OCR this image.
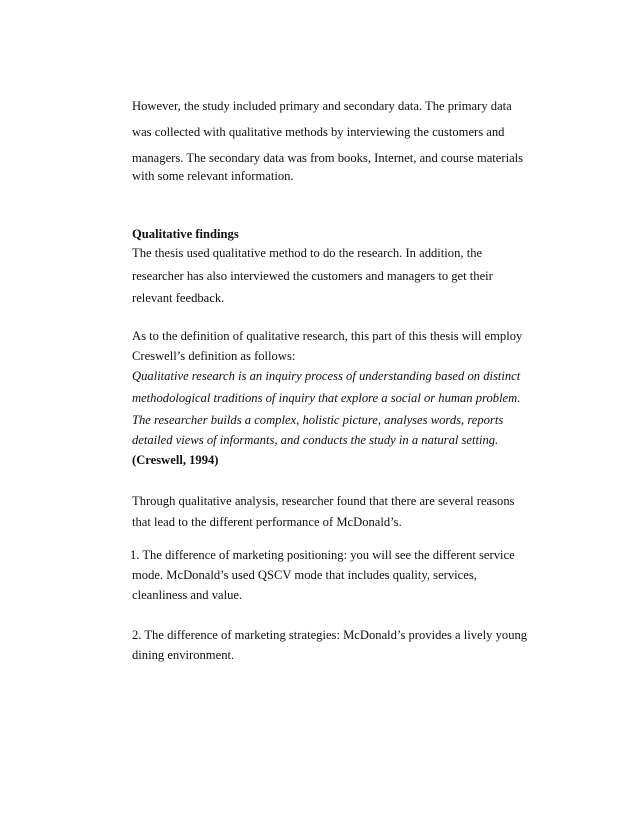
However, the study included primary and secondary data. The primary data

was collected with qualitative methods by interviewing the customers and

managers. The secondary data was from books, Internet, and course materials

with some relevant information.

Qualitative findings

The thesis used qualitative method to do the research. In addition, the

researcher has also interviewed the customers and managers to get their

relevant feedback.

As to the definition of qualitative research, this part of this thesis will employ

Creswell’s definition as follows:

Qualitative research is an inquiry process of understanding based on distinct

methodological traditions of inquiry that explore a social or human problem.

The researcher builds a complex, holistic picture, analyses words, reports

detailed views of informants, and conducts the study in a natural setting.

(Creswell, 1994)

Through qualitative analysis, researcher found that there are several reasons

that lead to the different performance of McDonald’s.

1. The difference of marketing positioning: you will see the different service

mode. McDonald’s used QSCV mode that includes quality, services,

cleanliness and value.

2. The difference of marketing strategies: McDonald’s provides a lively young

dining environment.
